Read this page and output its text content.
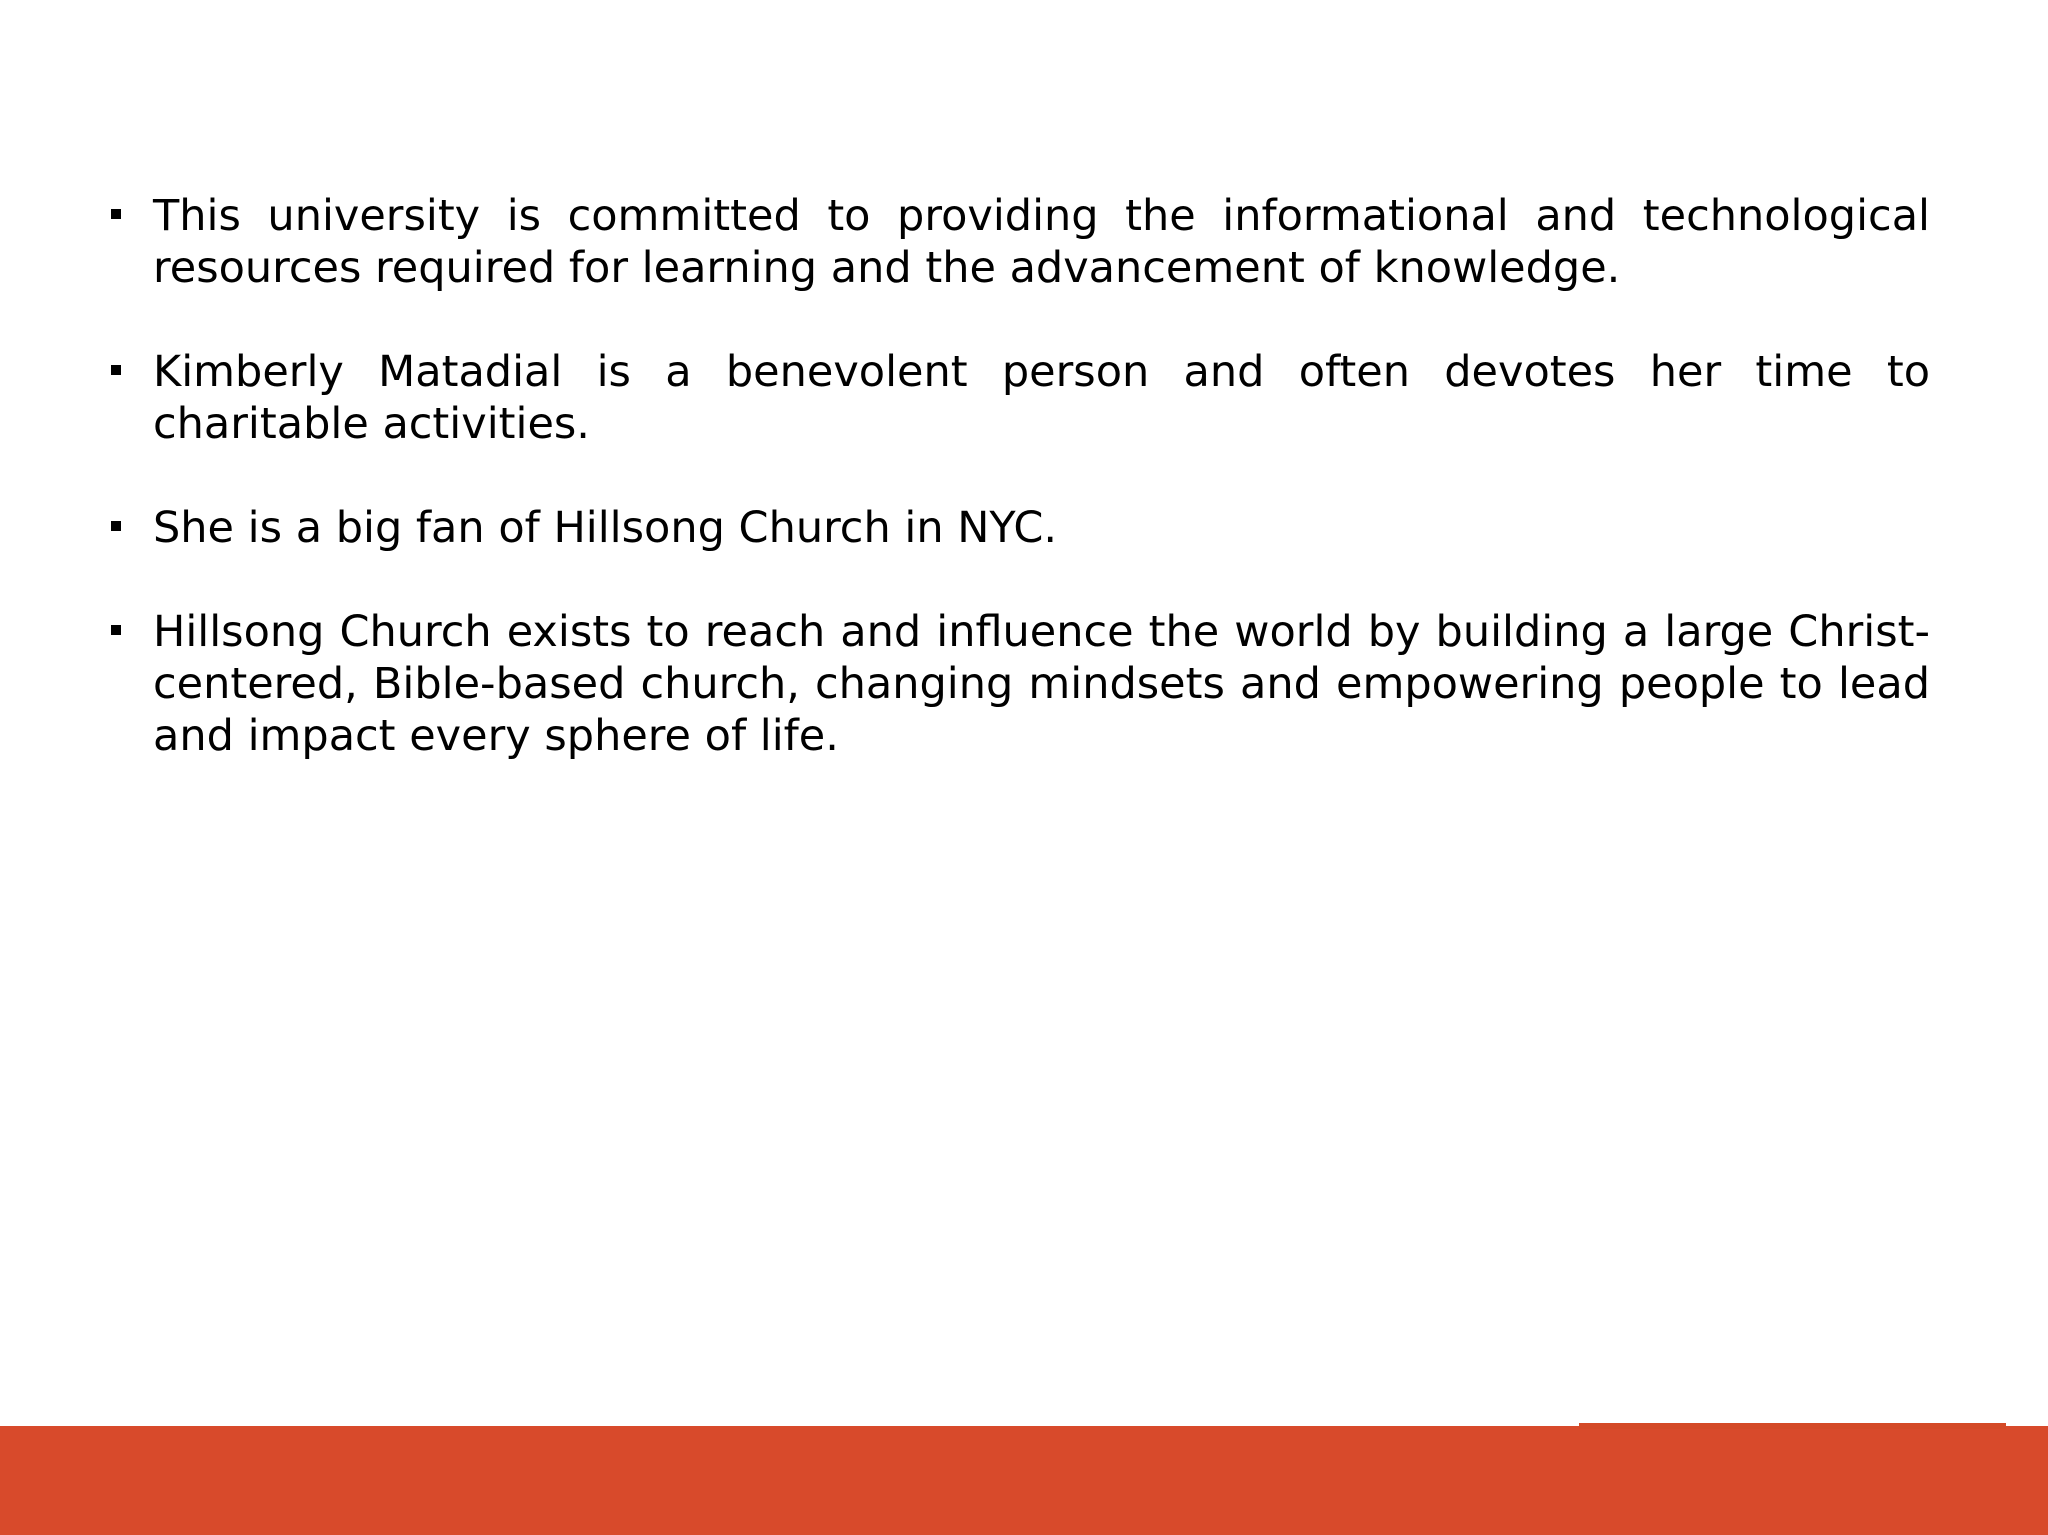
This university is committed to providing the informational and technological resources required for learning and the advancement of knowledge.
Kimberly Matadial is a benevolent person and often devotes her time to charitable activities.
She is a big fan of Hillsong Church in NYC.
Hillsong Church exists to reach and influence the world by building a large Christ-centered, Bible-based church, changing mindsets and empowering people to lead and impact every sphere of life.
